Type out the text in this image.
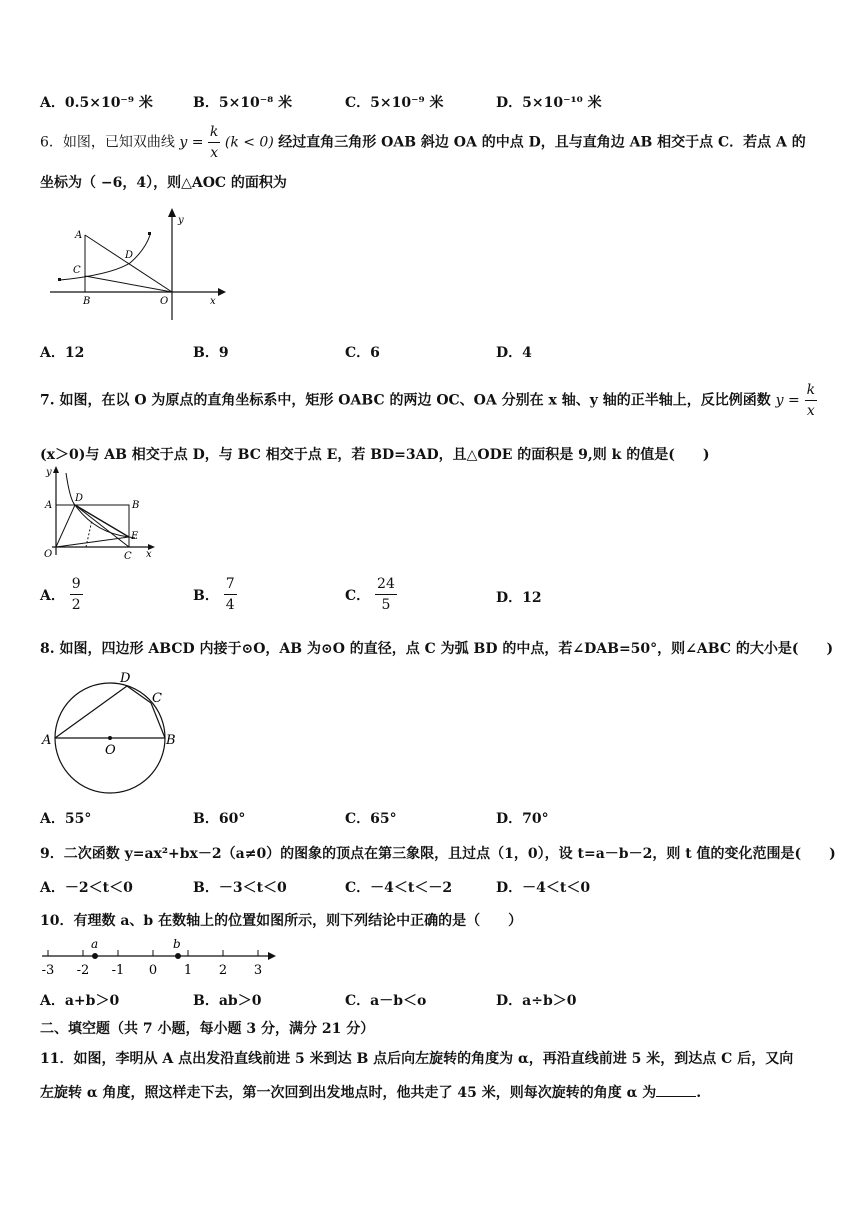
A．0.5×10⁻⁹ 米	B．5×10⁻⁸ 米	C．5×10⁻⁹ 米	D．5×10⁻¹⁰ 米
6．如图，已知双曲线 $y = \frac{k}{x} (k < 0)$ 经过直角三角形 OAB 斜边 OA 的中点 D，且与直角边 AB 相交于点 C．若点 A 的
坐标为（ −6，4），则△AOC 的面积为
A
B
C
D
O	x
y
A．12	B．9	C．6	D．4
7. 如图，在以 O 为原点的直角坐标系中，矩形 OABC 的两边 OC、OA 分别在 x 轴、y 轴的正半轴上，反比例函数 $y = \frac{k}{x}$
(x＞0)与 AB 相交于点 D，与 BC 相交于点 E，若 BD=3AD，且△ODE 的面积是 9,则 k 的值是(　　)
A	B
C
D
E
O	x
y
A． $\frac{9}{2}$	B． $\frac{7}{4}$	C． $\frac{24}{5}$	D．12
8. 如图，四边形 ABCD 内接于⊙O，AB 为⊙O 的直径，点 C 为弧 BD 的中点，若∠DAB=50°，则∠ABC 的大小是(　　)
A	B
C
D
O
A．55°	B．60°	C．65°	D．70°
9．二次函数 y=ax²+bx－2（a≠0）的图象的顶点在第三象限，且过点（1，0），设 t=a－b－2，则 t 值的变化范围是(　　)
A．－2＜t＜0	B．－3＜t＜0	C．－4＜t＜－2	D．－4＜t＜0
10．有理数 a、b 在数轴上的位置如图所示，则下列结论中正确的是（　　）
-3 -2 -1 0 1 2 3
a	b
A．a+b＞0	B．ab＞0	C．a－b＜o	D．a÷b＞0
二、填空题（共 7 小题，每小题 3 分，满分 21 分）
11．如图，李明从 A 点出发沿直线前进 5 米到达 B 点后向左旋转的角度为 α，再沿直线前进 5 米，到达点 C 后，又向
左旋转 α 角度，照这样走下去，第一次回到出发地点时，他共走了 45 米，则每次旋转的角度 α 为	.
